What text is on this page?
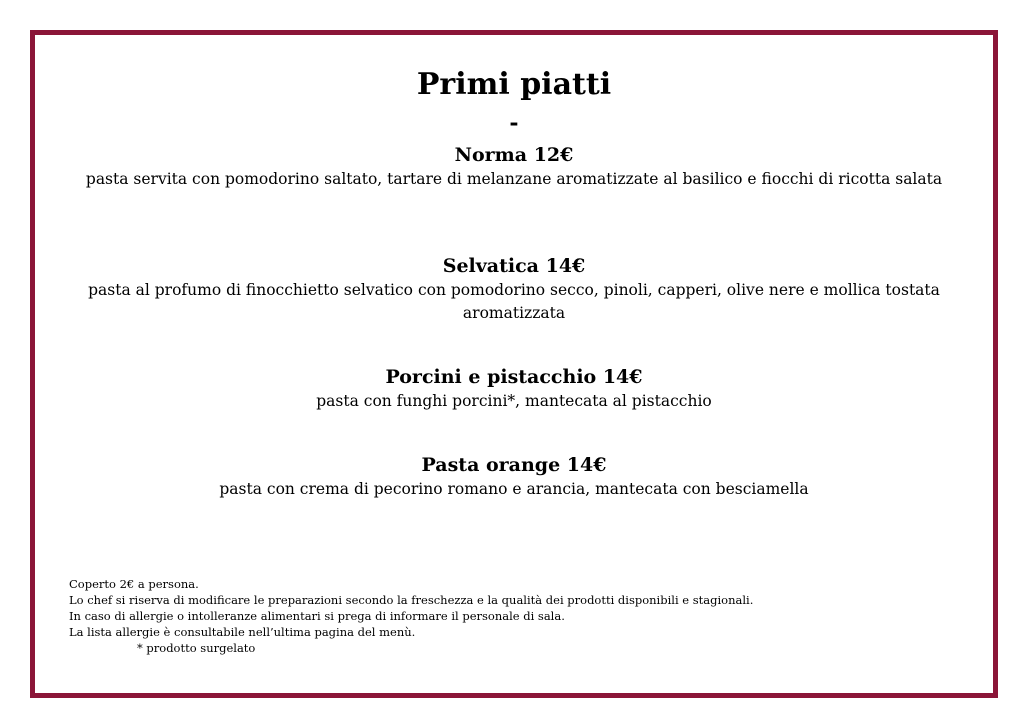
Primi piatti
-

Norma 12€

pasta servita con pomodorino saltato, tartare di melanzane aromatizzate al basilico e fiocchi di ricotta salata

Selvatica 14€

pasta al profumo di finocchietto selvatico con pomodorino secco, pinoli, capperi, olive nere e mollica tostata aromatizzata

Porcini e pistacchio 14€

pasta con funghi porcini*, mantecata al pistacchio

Pasta orange 14€

pasta con crema di pecorino romano e arancia, mantecata con besciamella

Coperto 2€ a persona.

Lo chef si riserva di modificare le preparazioni secondo la freschezza e la qualità dei prodotti disponibili e stagionali.

In caso di allergie o intolleranze alimentari si prega di informare il personale di sala.

La lista allergie è consultabile nell’ultima pagina del menù.

* prodotto surgelato
